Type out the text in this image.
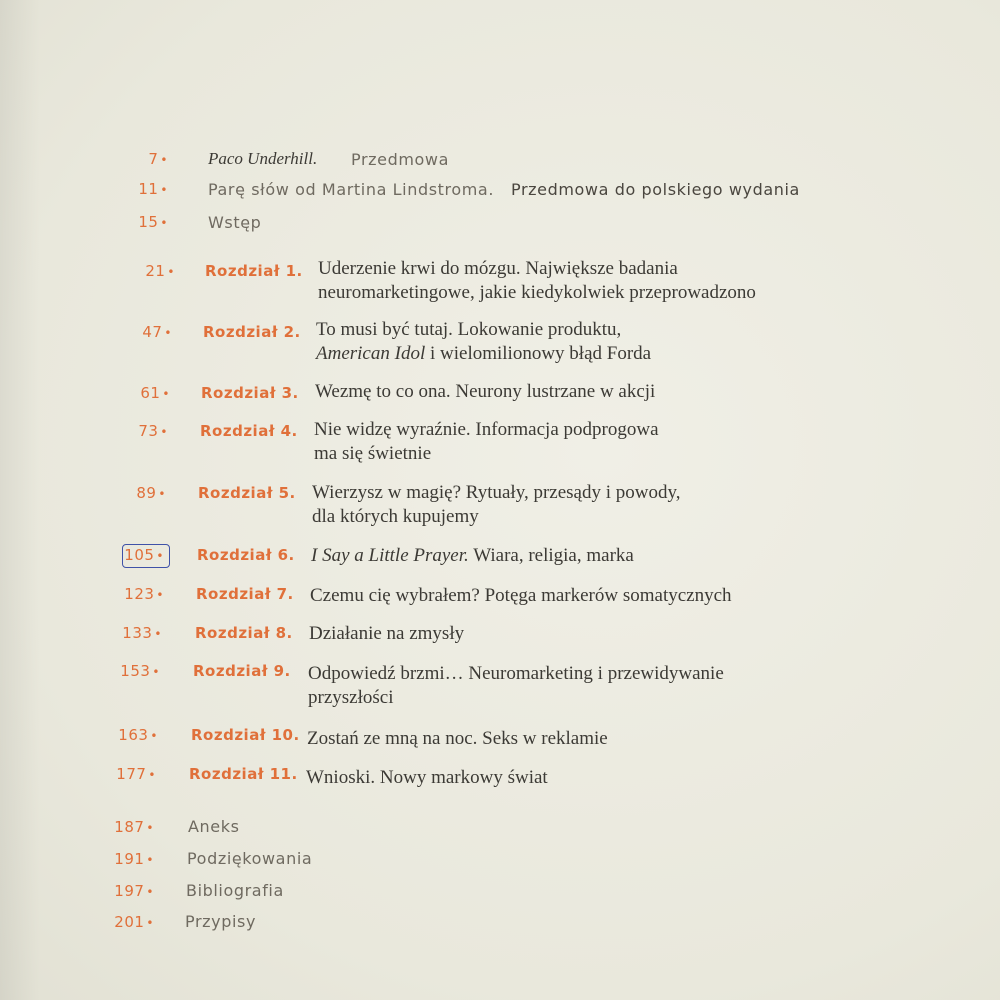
7 • Paco Underhill. Przedmowa
11 •	Parę słów od Martina Lindstroma. Przedmowa do polskiego wydania
15 •	Wstęp
21 • Rozdział 1. Uderzenie krwi do mózgu. Największe badania
neuromarketingowe, jakie kiedykolwiek przeprowadzono
47 • Rozdział 2. To musi być tutaj. Lokowanie produktu,
American Idol i wielomilionowy błąd Forda
61 • Rozdział 3. Wezmę to co ona. Neurony lustrzane w akcji
73 • Rozdział 4. Nie widzę wyraźnie. Informacja podprogowa
ma się świetnie
89 • Rozdział 5. Wierzysz w magię? Rytuały, przesądy i powody,
dla których kupujemy
105 • Rozdział 6. I Say a Little Prayer. Wiara, religia, marka
123 • Rozdział 7. Czemu cię wybrałem? Potęga markerów somatycznych
133 • Rozdział 8. Działanie na zmysły
153 • Rozdział 9. Odpowiedź brzmi… Neuromarketing i przewidywanie
przyszłości
163 • Rozdział 10. Zostań ze mną na noc. Seks w reklamie
177 • Rozdział 11. Wnioski. Nowy markowy świat
187 • Aneks
191 • Podziękowania
197 • Bibliografia
201 • Przypisy
